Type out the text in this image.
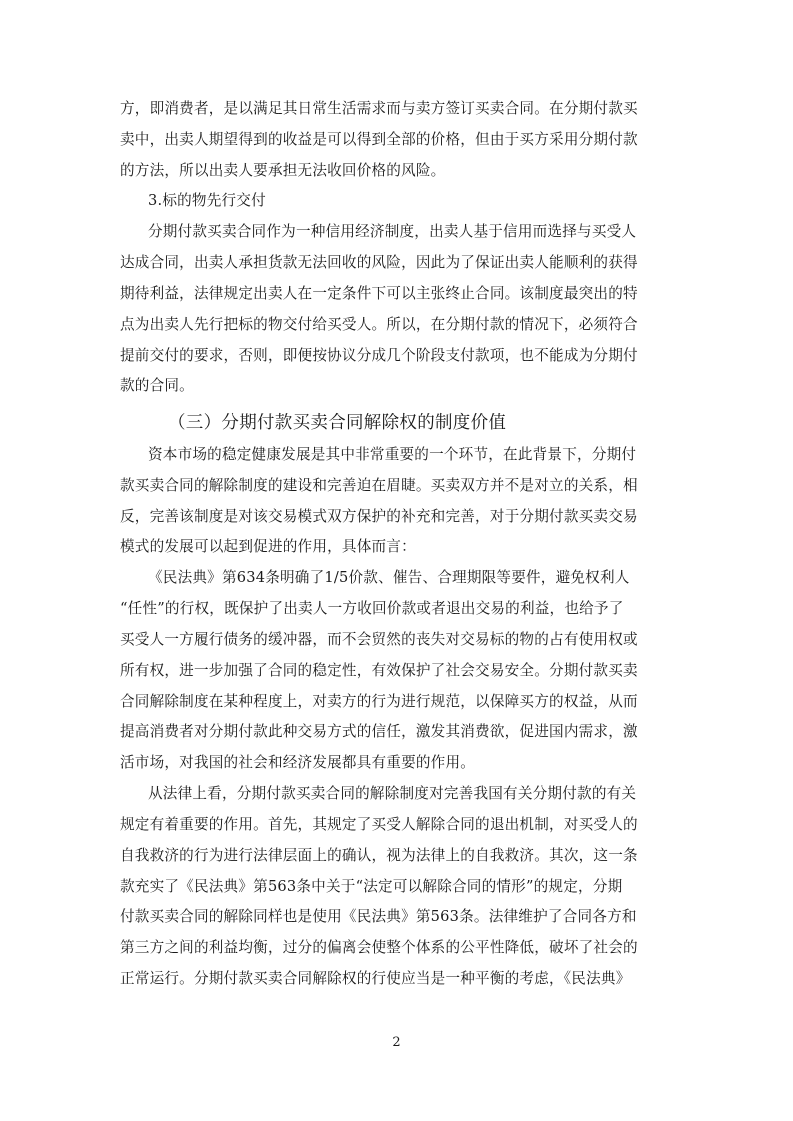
方，即消费者，是以满足其日常生活需求而与卖方签订买卖合同。在分期付款买
卖中，出卖人期望得到的收益是可以得到全部的价格，但由于买方采用分期付款
的方法，所以出卖人要承担无法收回价格的风险。
3.标的物先行交付
分期付款买卖合同作为一种信用经济制度，出卖人基于信用而选择与买受人
达成合同，出卖人承担货款无法回收的风险，因此为了保证出卖人能顺利的获得
期待利益，法律规定出卖人在一定条件下可以主张终止合同。该制度最突出的特
点为出卖人先行把标的物交付给买受人。所以，在分期付款的情况下，必须符合
提前交付的要求，否则，即便按协议分成几个阶段支付款项，也不能成为分期付
款的合同。
（三）分期付款买卖合同解除权的制度价值
资本市场的稳定健康发展是其中非常重要的一个环节，在此背景下，分期付
款买卖合同的解除制度的建设和完善迫在眉睫。买卖双方并不是对立的关系，相
反，完善该制度是对该交易模式双方保护的补充和完善，对于分期付款买卖交易
模式的发展可以起到促进的作用，具体而言：
《民法典》第634条明确了1/5价款、催告、合理期限等要件，避免权利人
“任性”的行权，既保护了出卖人一方收回价款或者退出交易的利益，也给予了
买受人一方履行债务的缓冲器，而不会贸然的丧失对交易标的物的占有使用权或
所有权，进一步加强了合同的稳定性，有效保护了社会交易安全。分期付款买卖
合同解除制度在某种程度上，对卖方的行为进行规范，以保障买方的权益，从而
提高消费者对分期付款此种交易方式的信任，激发其消费欲，促进国内需求，激
活市场，对我国的社会和经济发展都具有重要的作用。
从法律上看，分期付款买卖合同的解除制度对完善我国有关分期付款的有关
规定有着重要的作用。首先，其规定了买受人解除合同的退出机制，对买受人的
自我救济的行为进行法律层面上的确认，视为法律上的自我救济。其次，这一条
款充实了《民法典》第563条中关于“法定可以解除合同的情形”的规定，分期
付款买卖合同的解除同样也是使用《民法典》第563条。法律维护了合同各方和
第三方之间的利益均衡，过分的偏离会使整个体系的公平性降低，破坏了社会的
正常运行。分期付款买卖合同解除权的行使应当是一种平衡的考虑，《民法典》
2
